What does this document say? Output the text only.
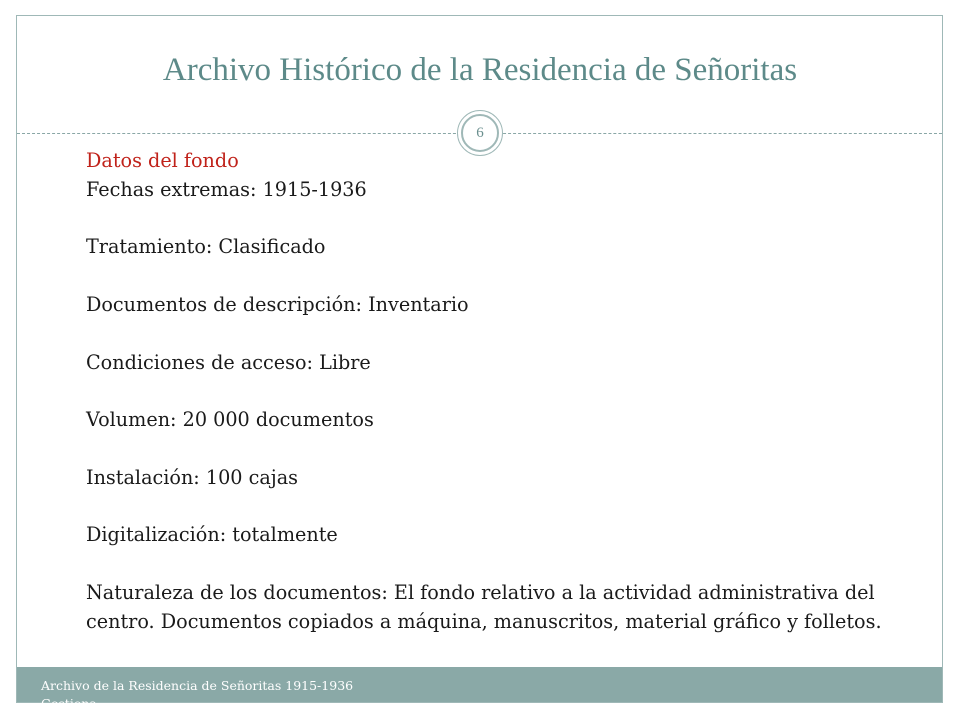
Archivo Histórico de la Residencia de Señoritas
6
Datos del fondo
Fechas extremas: 1915-1936
Tratamiento: Clasificado
Documentos de descripción: Inventario
Condiciones de acceso: Libre
Volumen: 20 000 documentos
Instalación: 100 cajas
Digitalización: totalmente
Naturaleza de los documentos: El fondo relativo a la actividad administrativa del centro. Documentos copiados a máquina, manuscritos, material gráfico y folletos.
Archivo de la Residencia de Señoritas 1915-1936
Gestiona...
